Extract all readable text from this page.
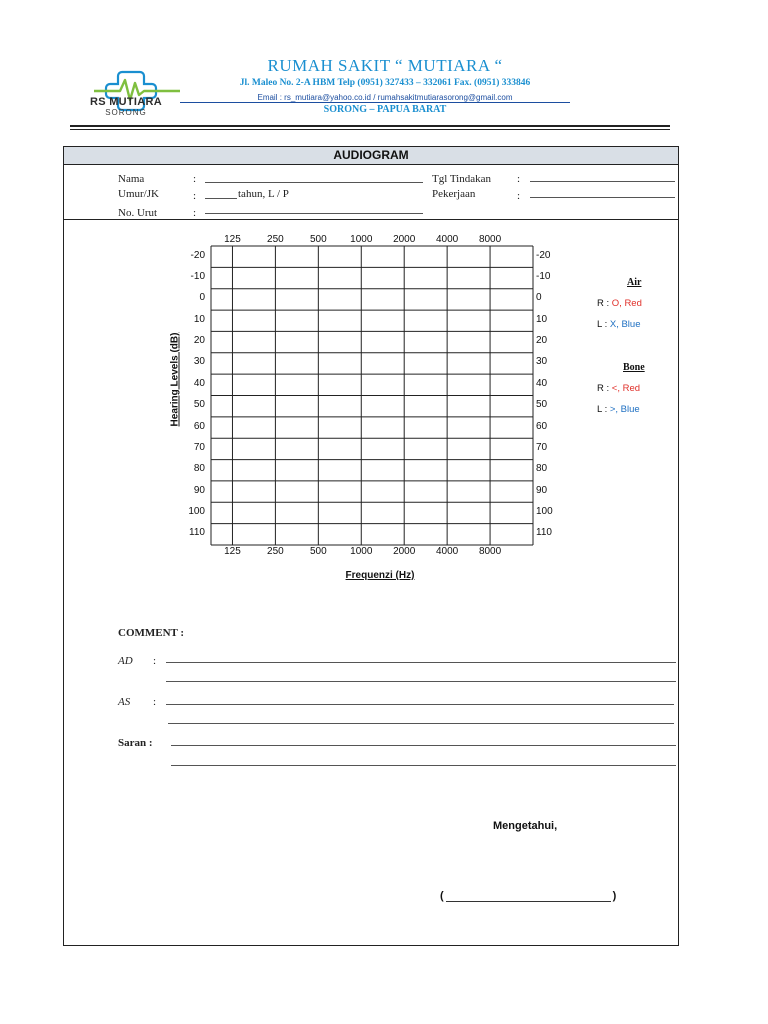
RS MUTIARA
SORONG
RUMAH SAKIT “ MUTIARA “
Jl. Maleo No. 2-A HBM Telp (0951) 327433 – 332061 Fax. (0951) 333846
Email : rs_mutiara@yahoo.co.id / rumahsakitmutiarasorong@gmail.com
SORONG – PAPUA BARAT
AUDIOGRAM
Nama	:
Umur/JK	:	tahun, L / P
No. Urut	:
Tgl Tindakan :
Pekerjaan	:
Hearing Levels (dB)
Frequenzi (Hz)
Air
R : O, Red
L : X, Blue
Bone
R : <, Red
L : >, Blue
COMMENT :
AD :
AS :
Saran :
Mengetahui,
(	)
125
125
250
250
500
500
1000
1000
2000
2000
4000
4000
8000
8000
-20	-20
-10	-10
0	0
10	10
20	20
30	30
40	40
50	50
60	60
70	70
80	80
90	90
100	100
110	110
